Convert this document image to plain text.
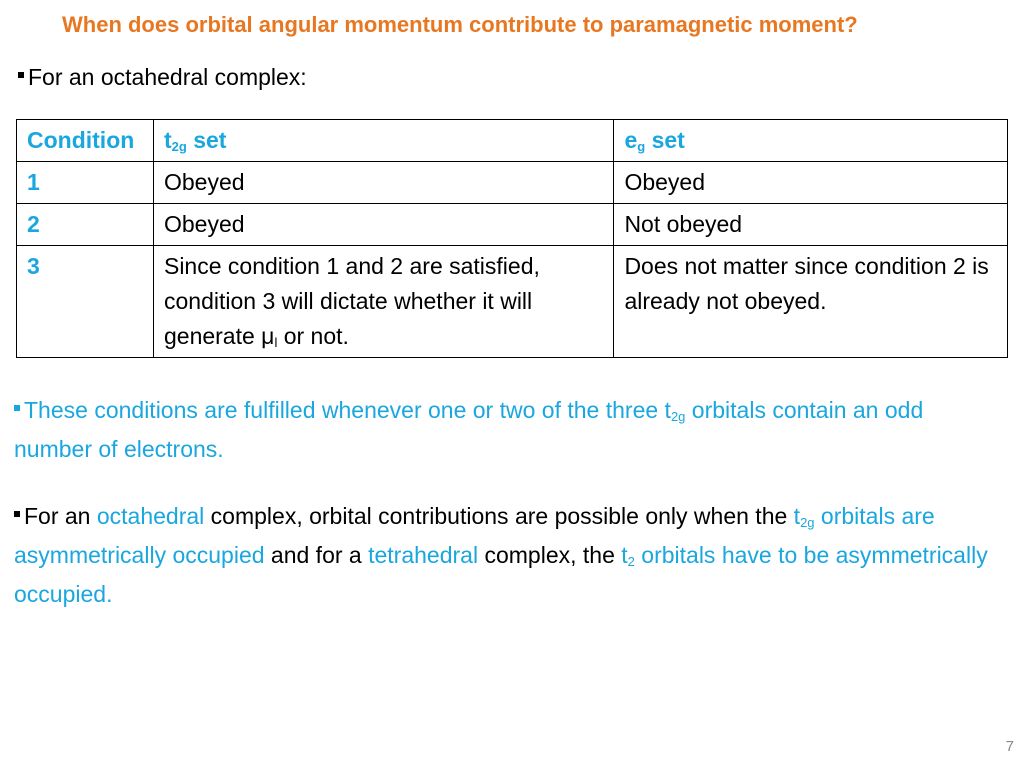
When does orbital angular momentum contribute to paramagnetic moment?
For an octahedral complex:
Condition	$t_{2g}$ set	$e_g$ set
1	Obeyed	Obeyed
2	Obeyed	Not obeyed
3	Since condition 1 and 2 are satisfied, condition 3 will dictate whether it will generate $\mu_l$ or not.	Does not matter since condition 2 is already not obeyed.
These conditions are fulfilled whenever one or two of the three $t_{2g}$ orbitals contain an odd number of electrons.
For an octahedral complex, orbital contributions are possible only when the $t_{2g}$ orbitals are asymmetrically occupied and for a tetrahedral complex, the $t_2$ orbitals have to be asymmetrically occupied.
7
